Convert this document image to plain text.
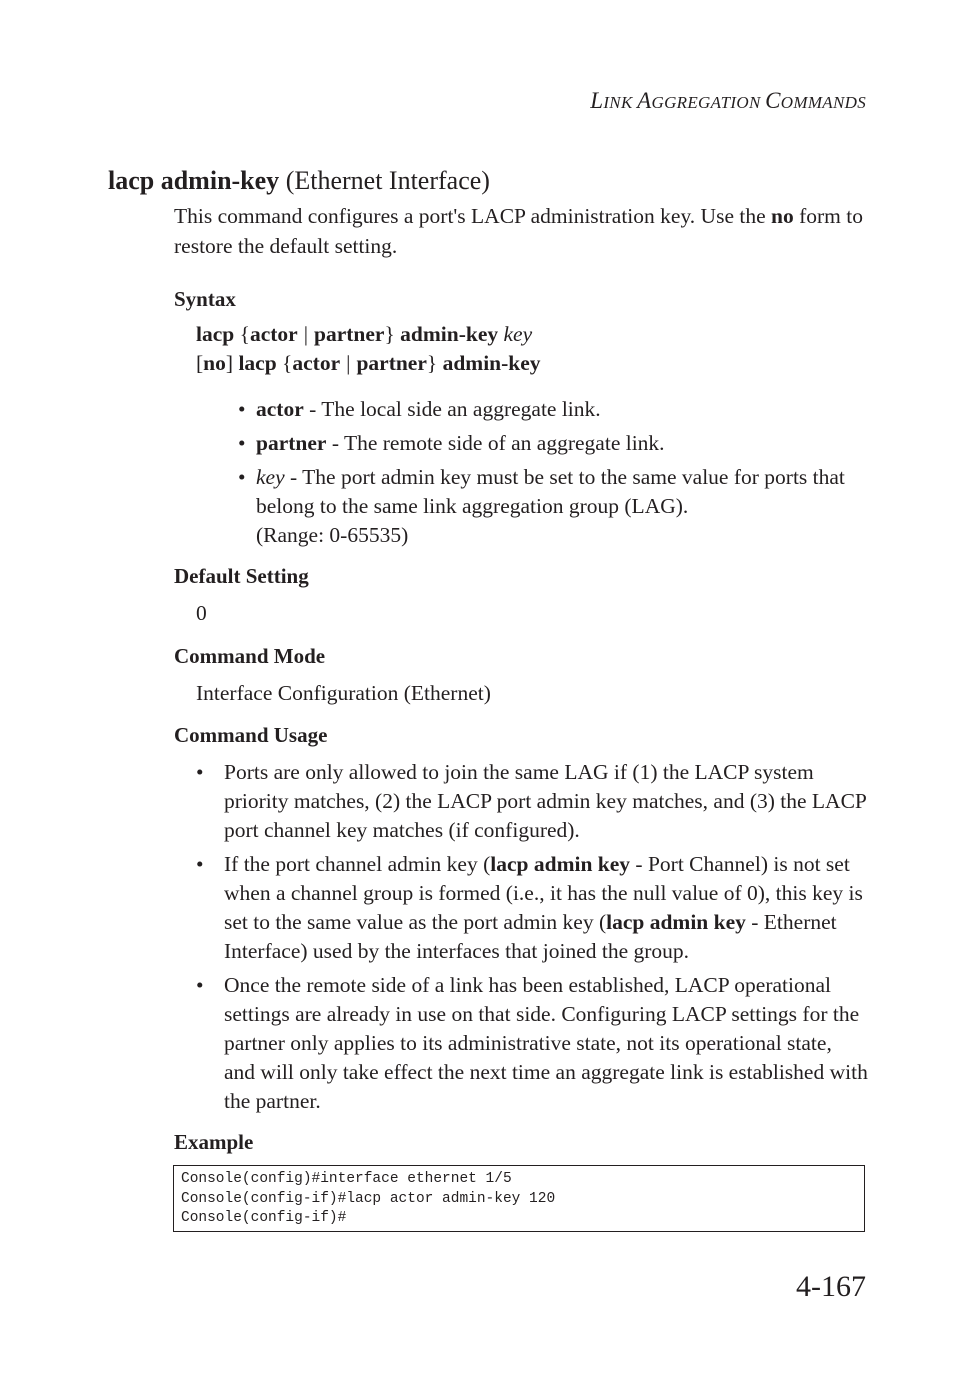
LINK AGGREGATION COMMANDS
lacp admin-key (Ethernet Interface)
This command configures a port's LACP administration key. Use the no form to restore the default setting.
Syntax
lacp {actor | partner} admin-key key
[no] lacp {actor | partner} admin-key
• actor - The local side an aggregate link.
• partner - The remote side of an aggregate link.
• key - The port admin key must be set to the same value for ports that belong to the same link aggregation group (LAG).
(Range: 0-65535)
Default Setting
0
Command Mode
Interface Configuration (Ethernet)
Command Usage
• Ports are only allowed to join the same LAG if (1) the LACP system priority matches, (2) the LACP port admin key matches, and (3) the LACP port channel key matches (if configured).
• If the port channel admin key (lacp admin key - Port Channel) is not set when a channel group is formed (i.e., it has the null value of 0), this key is set to the same value as the port admin key (lacp admin key - Ethernet Interface) used by the interfaces that joined the group.
• Once the remote side of a link has been established, LACP operational settings are already in use on that side. Configuring LACP settings for the partner only applies to its administrative state, not its operational state, and will only take effect the next time an aggregate link is established with the partner.
Example
Console(config)#interface ethernet 1/5
Console(config-if)#lacp actor admin-key 120
Console(config-if)#
4-167
